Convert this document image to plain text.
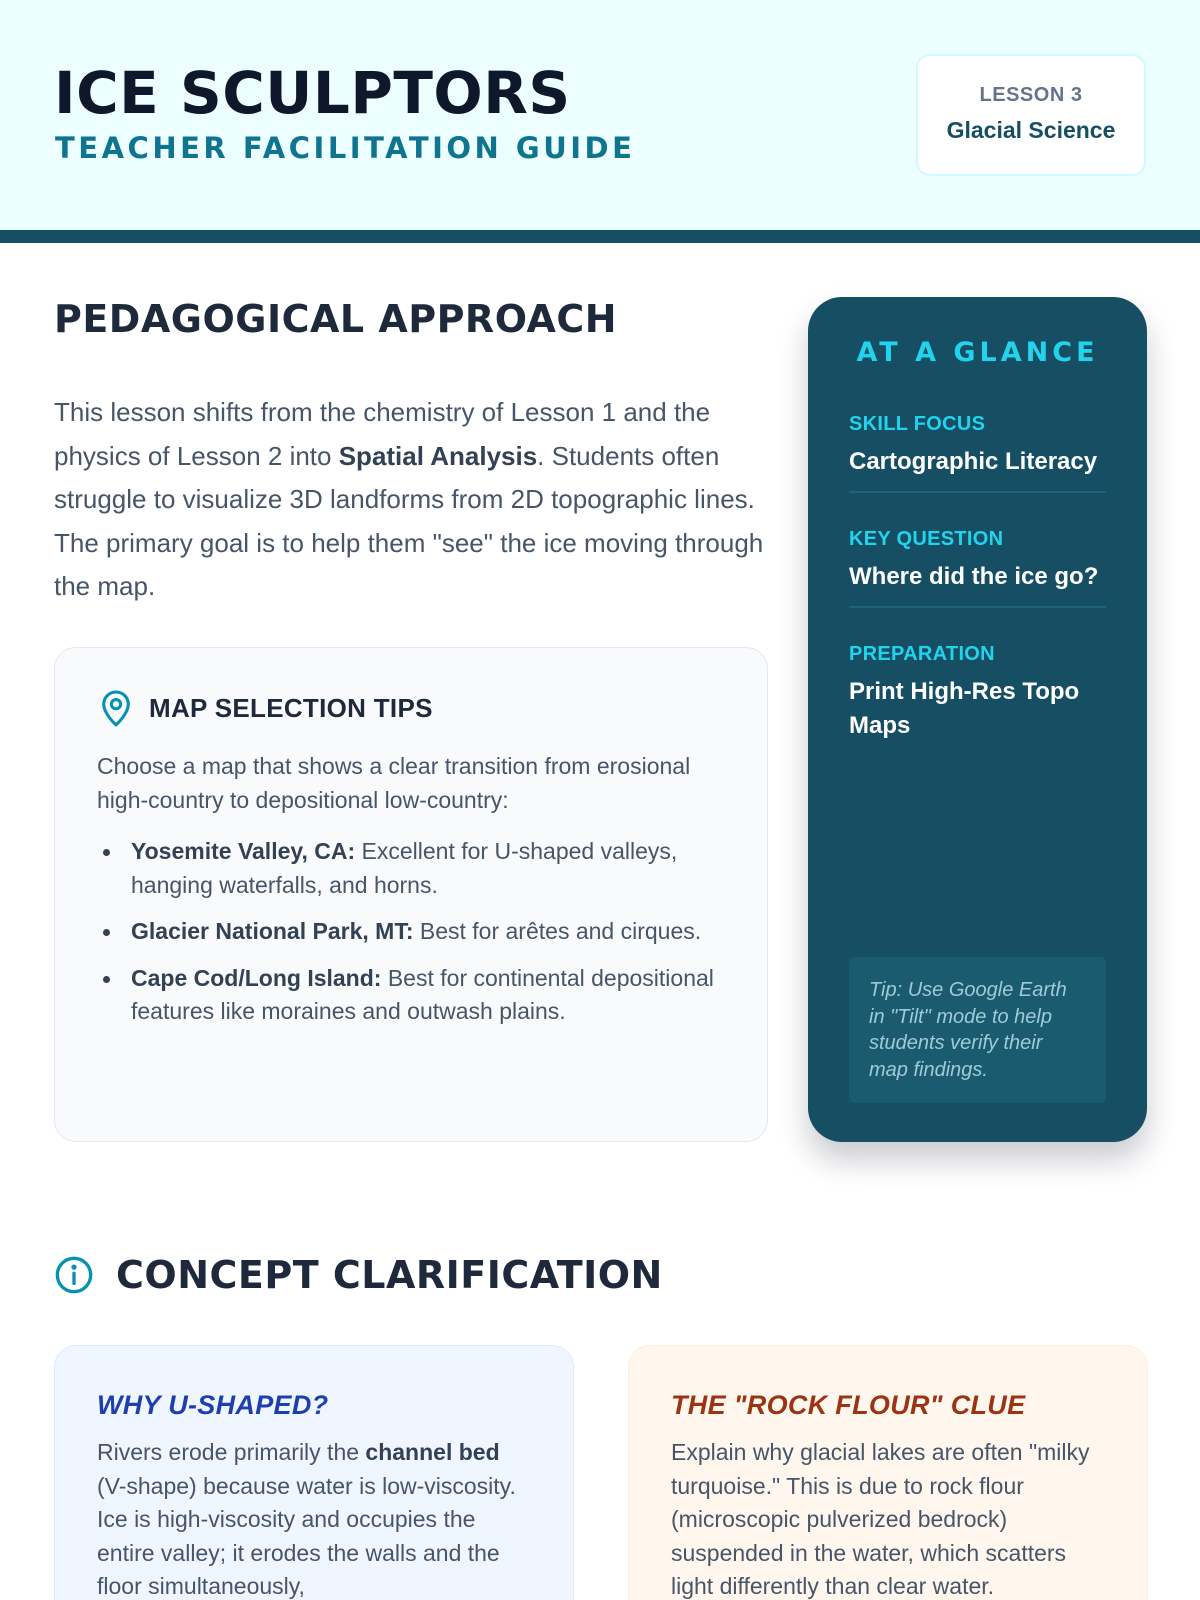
ICE SCULPTORS
TEACHER FACILITATION GUIDE
LESSON 3
Glacial Science
PEDAGOGICAL APPROACH

This lesson shifts from the chemistry of Lesson 1 and the physics of Lesson 2 into Spatial Analysis. Students often struggle to visualize 3D landforms from 2D topographic lines. The primary goal is to help them "see" the ice moving through the map.

MAP SELECTION TIPS

Choose a map that shows a clear transition from erosional high-country to depositional low-country:

Yosemite Valley, CA: Excellent for U-shaped valleys, hanging waterfalls, and horns.
Glacier National Park, MT: Best for arêtes and cirques.
Cape Cod/Long Island: Best for continental depositional features like moraines and outwash plains.
AT A GLANCE
SKILL FOCUS
Cartographic Literacy
KEY QUESTION
Where did the ice go?
PREPARATION
Print High-Res Topo Maps
Tip: Use Google Earth in "Tilt" mode to help students verify their map findings.
CONCEPT CLARIFICATION
WHY U-SHAPED?

Rivers erode primarily the channel bed (V-shape) because water is low-viscosity. Ice is high-viscosity and occupies the entire valley; it erodes the walls and the floor simultaneously,

THE "ROCK FLOUR" CLUE

Explain why glacial lakes are often "milky turquoise." This is due to rock flour (microscopic pulverized bedrock) suspended in the water, which scatters light differently than clear water.
